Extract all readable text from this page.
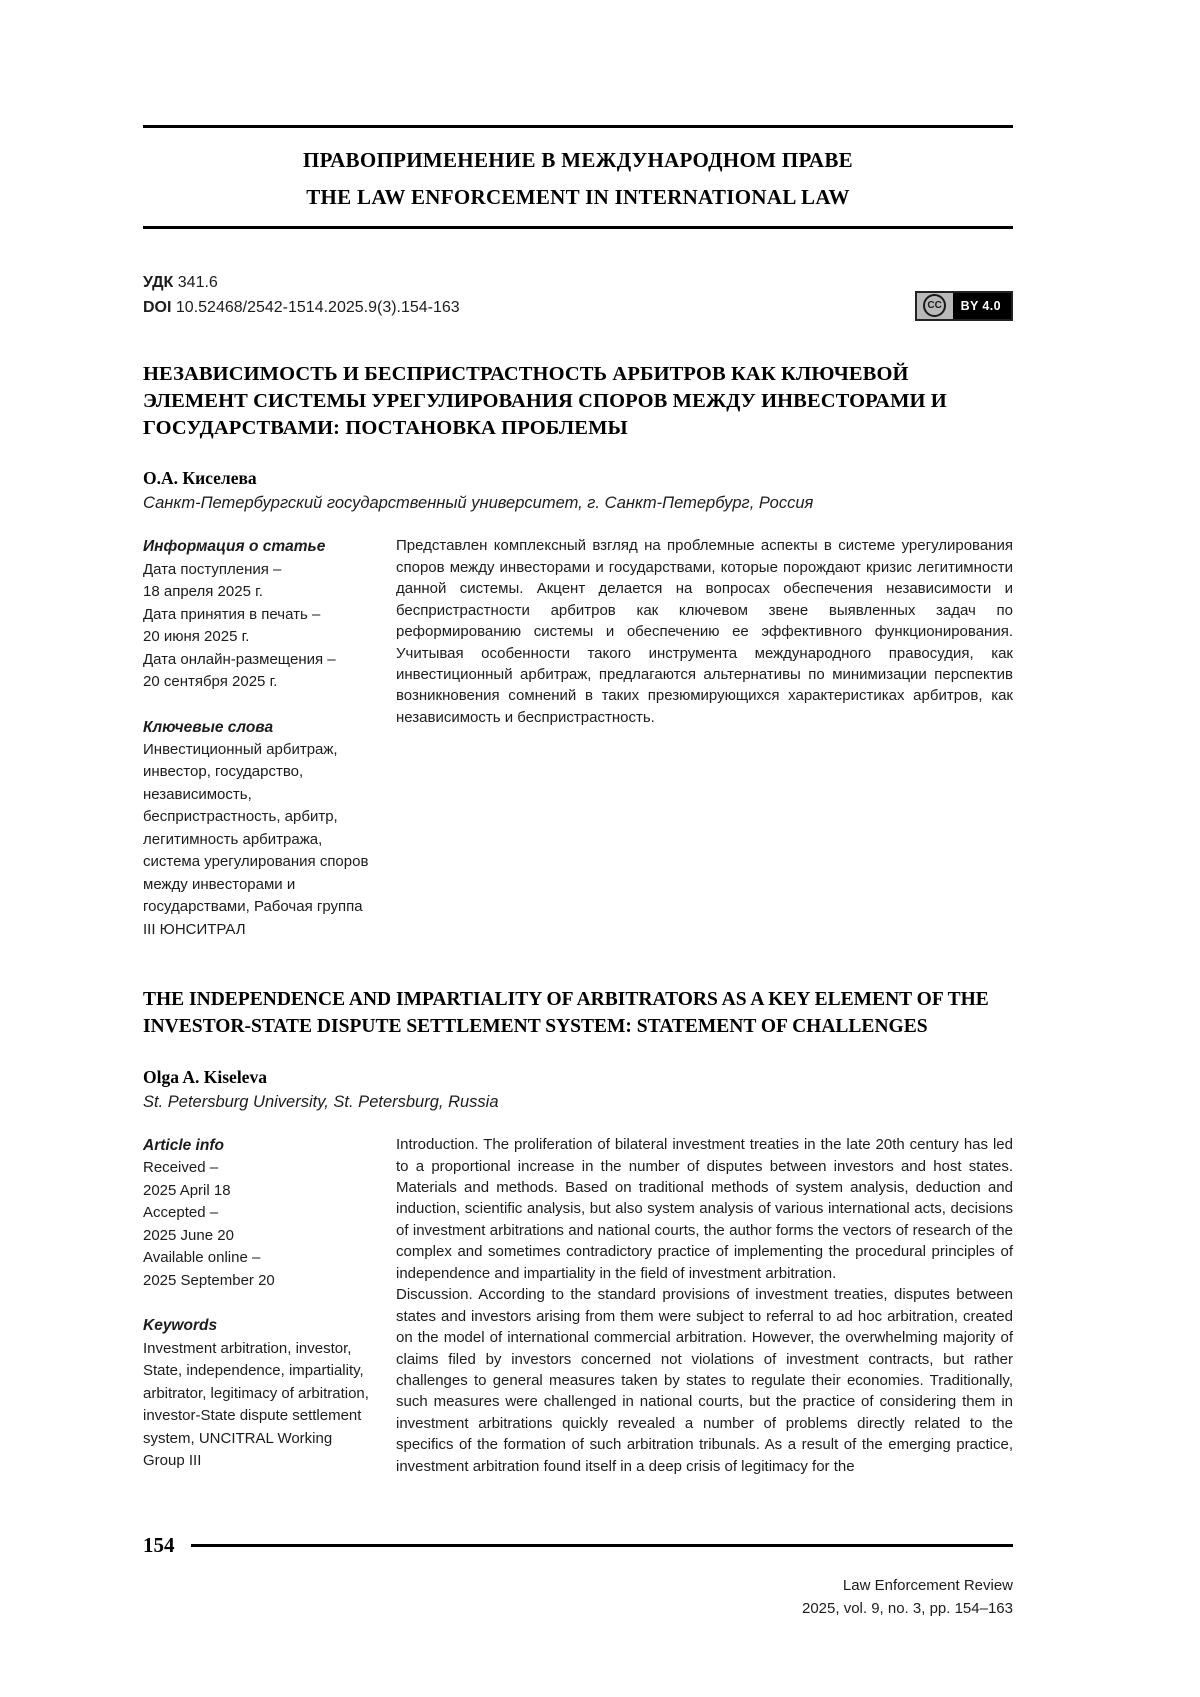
ПРАВОПРИМЕНЕНИЕ В МЕЖДУНАРОДНОМ ПРАВЕ
THE LAW ENFORCEMENT IN INTERNATIONAL LAW
УДК 341.6
DOI 10.52468/2542-1514.2025.9(3).154-163	CC	BY 4.0
НЕЗАВИСИМОСТЬ И БЕСПРИСТРАСТНОСТЬ АРБИТРОВ КАК КЛЮЧЕВОЙ ЭЛЕМЕНТ СИСТЕМЫ УРЕГУЛИРОВАНИЯ СПОРОВ МЕЖДУ ИНВЕСТОРАМИ И ГОСУДАРСТВАМИ: ПОСТАНОВКА ПРОБЛЕМЫ
О.А. Киселева
Санкт-Петербургский государственный университет, г. Санкт-Петербург, Россия
Информация о статье
Дата поступления –
18 апреля 2025 г.
Дата принятия в печать –
20 июня 2025 г.
Дата онлайн-размещения –
20 сентября 2025 г.
Ключевые слова
Инвестиционный арбитраж, инвестор, государство, независимость, беспристрастность, арбитр, легитимность арбитража, система урегулирования споров между инвесторами и государствами, Рабочая группа III ЮНСИТРАЛ
Представлен комплексный взгляд на проблемные аспекты в системе урегулирования споров между инвесторами и государствами, которые порождают кризис легитимности данной системы. Акцент делается на вопросах обеспечения независимости и беспристрастности арбитров как ключевом звене выявленных задач по реформированию системы и обеспечению ее эффективного функционирования. Учитывая особенности такого инструмента международного правосудия, как инвестиционный арбитраж, предлагаются альтернативы по минимизации перспектив возникновения сомнений в таких презюмирующихся характеристиках арбитров, как независимость и беспристрастность.
THE INDEPENDENCE AND IMPARTIALITY OF ARBITRATORS AS A KEY ELEMENT OF THE INVESTOR-STATE DISPUTE SETTLEMENT SYSTEM: STATEMENT OF CHALLENGES
Olga A. Kiseleva
St. Petersburg University, St. Petersburg, Russia
Article info
Received –
2025 April 18
Accepted –
2025 June 20
Available online –
2025 September 20
Keywords
Investment arbitration, investor, State, independence, impartiality, arbitrator, legitimacy of arbitration, investor-State dispute settlement system, UNCITRAL Working Group III
Introduction. The proliferation of bilateral investment treaties in the late 20th century has led to a proportional increase in the number of disputes between investors and host states. Materials and methods. Based on traditional methods of system analysis, deduction and induction, scientific analysis, but also system analysis of various international acts, decisions of investment arbitrations and national courts, the author forms the vectors of research of the complex and sometimes contradictory practice of implementing the procedural principles of independence and impartiality in the field of investment arbitration.
Discussion. According to the standard provisions of investment treaties, disputes between states and investors arising from them were subject to referral to ad hoc arbitration, created on the model of international commercial arbitration. However, the overwhelming majority of claims filed by investors concerned not violations of investment contracts, but rather challenges to general measures taken by states to regulate their economies. Traditionally, such measures were challenged in national courts, but the practice of considering them in investment arbitrations quickly revealed a number of problems directly related to the specifics of the formation of such arbitration tribunals. As a result of the emerging practice, investment arbitration found itself in a deep crisis of legitimacy for the
154
Law Enforcement Review
2025, vol. 9, no. 3, pp. 154–163
